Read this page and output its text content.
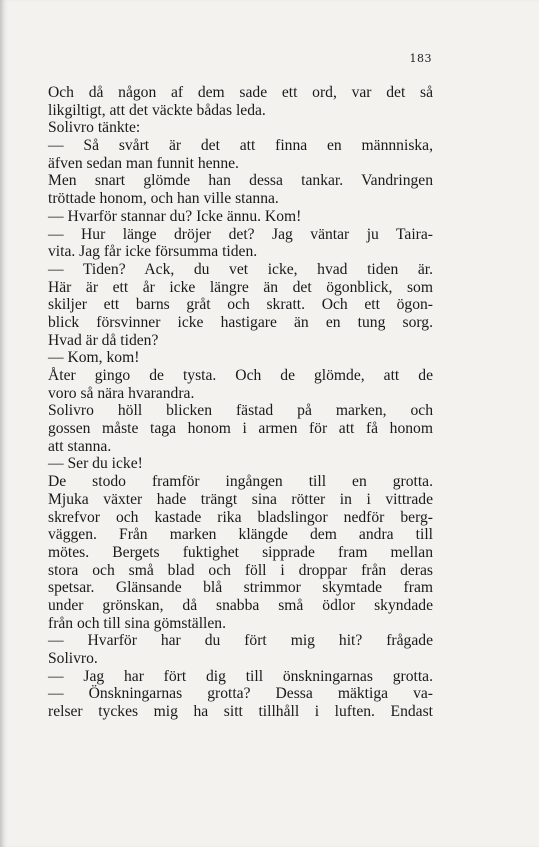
183
Och då någon af dem sade ett ord, var det så
likgiltigt, att det väckte bådas leda.
Solivro tänkte:
— Så svårt är det att finna en männniska,
äfven sedan man funnit henne.
Men snart glömde han dessa tankar. Vandringen
tröttade honom, och han ville stanna.
— Hvarför stannar du? Icke ännu. Kom!
— Hur länge dröjer det? Jag väntar ju Taira-
vita. Jag får icke försumma tiden.
— Tiden? Ack, du vet icke, hvad tiden är.
Här är ett år icke längre än det ögonblick, som
skiljer ett barns gråt och skratt. Och ett ögon-
blick försvinner icke hastigare än en tung sorg.
Hvad är då tiden?
— Kom, kom!
Åter gingo de tysta. Och de glömde, att de
voro så nära hvarandra.
Solivro höll blicken fästad på marken, och
gossen måste taga honom i armen för att få honom
att stanna.
— Ser du icke!
De stodo framför ingången till en grotta.
Mjuka växter hade trängt sina rötter in i vittrade
skrefvor och kastade rika bladslingor nedför berg-
väggen. Från marken klängde dem andra till
mötes. Bergets fuktighet sipprade fram mellan
stora och små blad och föll i droppar från deras
spetsar. Glänsande blå strimmor skymtade fram
under grönskan, då snabba små ödlor skyndade
från och till sina gömställen.
— Hvarför har du fört mig hit? frågade
Solivro.
— Jag har fört dig till önskningarnas grotta.
— Önskningarnas grotta? Dessa mäktiga va-
relser tyckes mig ha sitt tillhåll i luften. Endast
